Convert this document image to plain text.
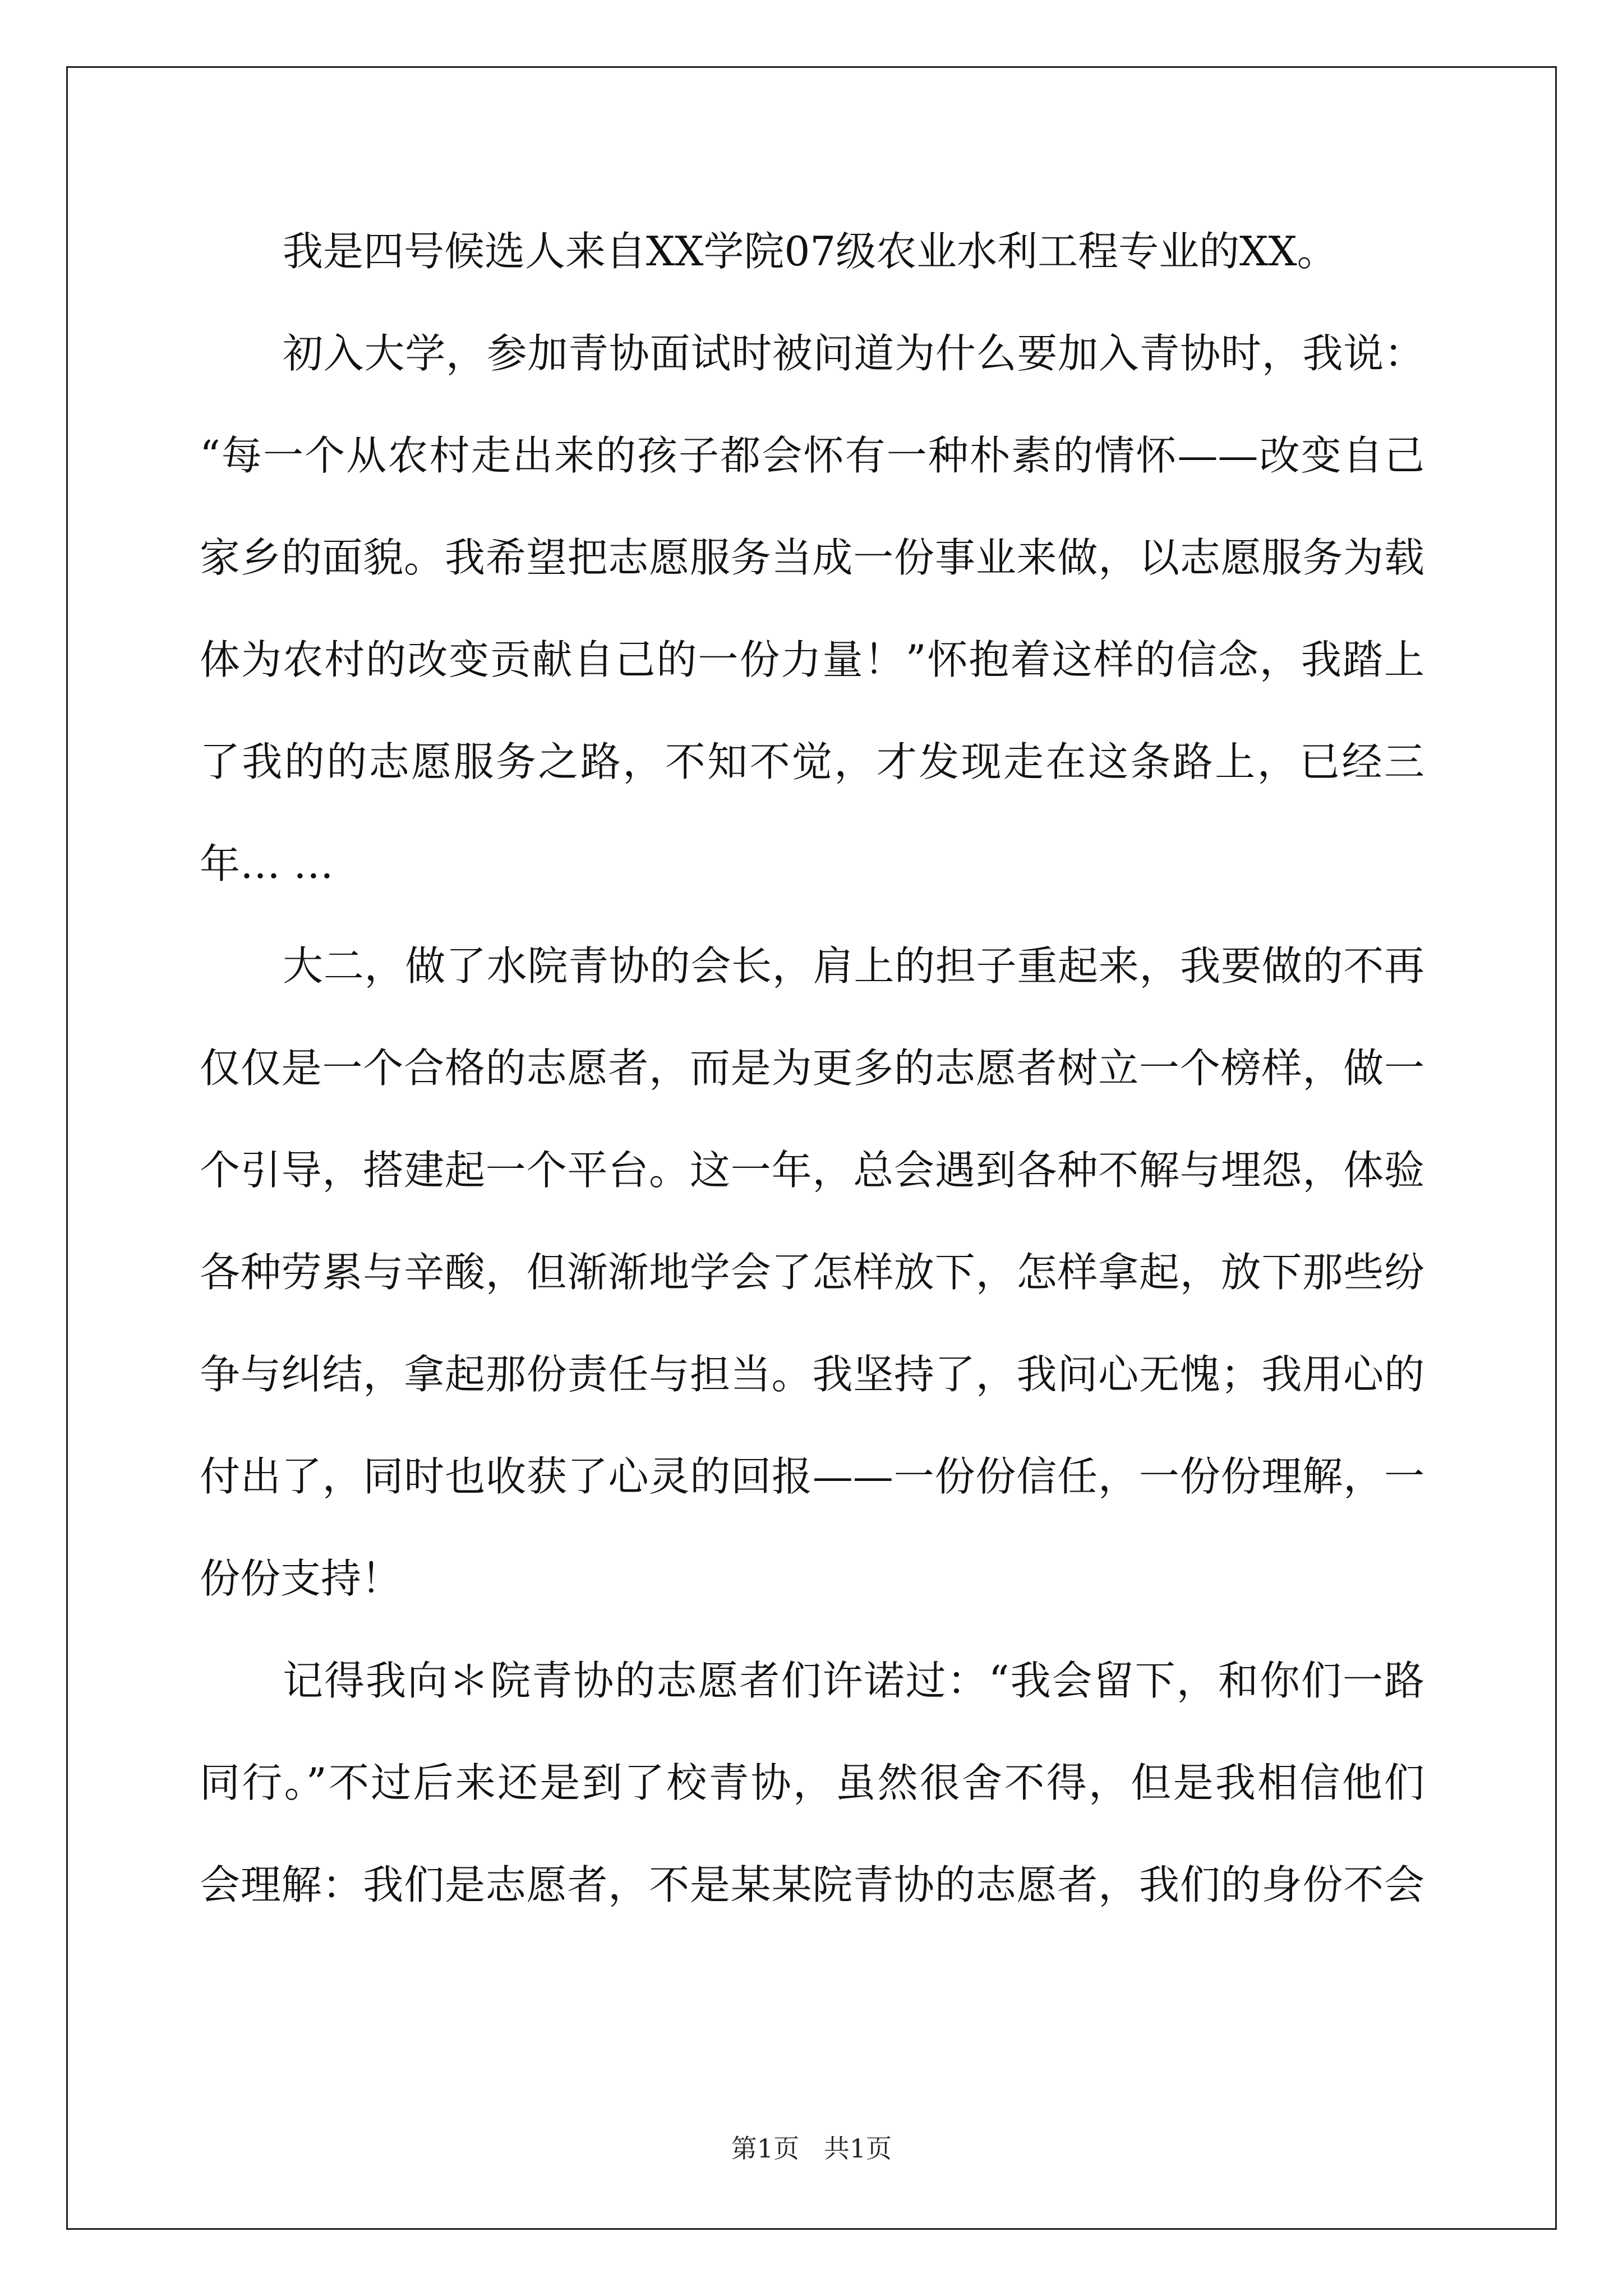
我是四号候选人来自XX学院07级农业水利工程专业的XX。
初入大学，参加青协面试时被问道为什么要加入青协时，我说：
“每一个从农村走出来的孩子都会怀有一种朴素的情怀——改变自己
家乡的面貌。我希望把志愿服务当成一份事业来做，以志愿服务为载
体为农村的改变贡献自己的一份力量！”怀抱着这样的信念，我踏上
了我的的志愿服务之路，不知不觉，才发现走在这条路上，已经三
年… …
大二，做了水院青协的会长，肩上的担子重起来，我要做的不再
仅仅是一个合格的志愿者，而是为更多的志愿者树立一个榜样，做一
个引导，搭建起一个平台。这一年，总会遇到各种不解与埋怨，体验
各种劳累与辛酸，但渐渐地学会了怎样放下，怎样拿起，放下那些纷
争与纠结，拿起那份责任与担当。我坚持了，我问心无愧；我用心的
付出了，同时也收获了心灵的回报——一份份信任，一份份理解，一
份份支持！
记得我向＊院青协的志愿者们许诺过：“我会留下，和你们一路
同行。”不过后来还是到了校青协，虽然很舍不得，但是我相信他们
会理解：我们是志愿者，不是某某院青协的志愿者，我们的身份不会
第1页   共1页
